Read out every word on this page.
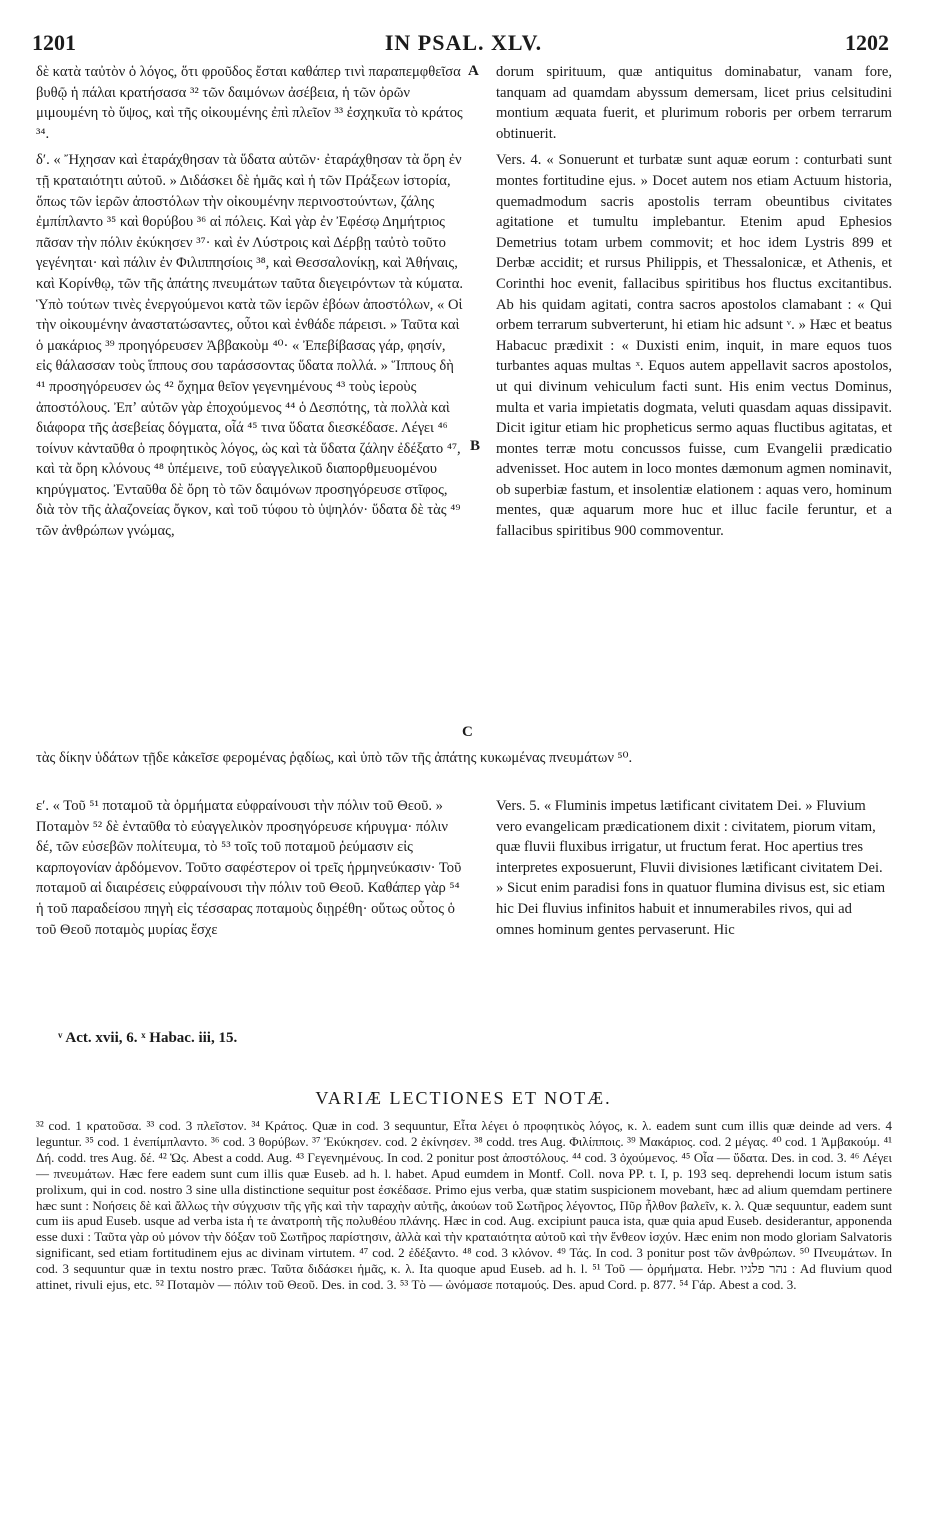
1201	IN PSAL. XLV.	1202

δὲ κατὰ ταὐτὸν ὁ λόγος, ὅτι φροῦδος ἔσται καθάπερ τινὶ παραπεμφθεῖσα βυθῷ ἡ πάλαι κρατήσασα ³² τῶν δαιμόνων ἀσέβεια, ἡ τῶν ὀρῶν μιμουμένη τὸ ὕψος, καὶ τῆς οἰκουμένης ἐπὶ πλεῖον ³³ ἐσχηκυῖα τὸ κράτος ³⁴.

δʹ. « Ἤχησαν καὶ ἐταράχθησαν τὰ ὕδατα αὐτῶν· ἐταράχθησαν τὰ ὄρη ἐν τῇ κραταιότητι αὐτοῦ. » Διδάσκει δὲ ἡμᾶς καὶ ἡ τῶν Πράξεων ἱστορία, ὅπως τῶν ἱερῶν ἀποστόλων τὴν οἰκουμένην περινοστούντων, ζάλης ἐμπίπλαντο ³⁵ καὶ θορύβου ³⁶ αἱ πόλεις. Καὶ γὰρ ἐν Ἐφέσῳ Δημήτριος πᾶσαν τὴν πόλιν ἐκύκησεν ³⁷· καὶ ἐν Λύστροις καὶ Δέρβῃ ταὐτὸ τοῦτο γεγένηται· καὶ πάλιν ἐν Φιλιππησίοις ³⁸, καὶ Θεσσαλονίκῃ, καὶ Ἀθήναις, καὶ Κορίνθῳ, τῶν τῆς ἀπάτης πνευμάτων ταῦτα διεγειρόντων τὰ κύματα. Ὑπὸ τούτων τινὲς ἐνεργούμενοι κατὰ τῶν ἱερῶν ἐβόων ἀποστόλων, « Οἱ τὴν οἰκουμένην ἀναστατώσαντες, οὗτοι καὶ ἐνθάδε πάρεισι. » Ταῦτα καὶ ὁ μακάριος ³⁹ προηγόρευσεν Ἀββακοὺμ ⁴⁰· « Ἐπεβίβασας γάρ, φησίν, εἰς θάλασσαν τοὺς ἵππους σου ταράσσοντας ὕδατα πολλά. » Ἵππους δὴ ⁴¹ προσηγόρευσεν ὡς ⁴² ὄχημα θεῖον γεγενημένους ⁴³ τοὺς ἱεροὺς ἀποστόλους. Ἐπʼ αὐτῶν γὰρ ἐποχούμενος ⁴⁴ ὁ Δεσπότης, τὰ πολλὰ καὶ διάφορα τῆς ἀσεβείας δόγματα, οἷά ⁴⁵ τινα ὕδατα διεσκέδασε. Λέγει ⁴⁶ τοίνυν κἀνταῦθα ὁ προφητικὸς λόγος, ὡς καὶ τὰ ὕδατα ζάλην ἐδέξατο ⁴⁷, καὶ τὰ ὄρη κλόνους ⁴⁸ ὑπέμεινε, τοῦ εὐαγγελικοῦ διαπορθμευομένου κηρύγματος. Ἐνταῦθα δὲ ὄρη τὸ τῶν δαιμόνων προσηγόρευσε στῖφος, διὰ τὸν τῆς ἀλαζονείας ὄγκον, καὶ τοῦ τύφου τὸ ὑψηλόν· ὕδατα δὲ τὰς ⁴⁹ τῶν ἀνθρώπων γνώμας,

A
B
C

dorum spirituum, quæ antiquitus dominabatur, vanam fore, tanquam ad quamdam abyssum demersam, licet prius celsitudini montium æquata fuerit, et plurimum roboris per orbem terrarum obtinuerit.

Vers. 4. « Sonuerunt et turbatæ sunt aquæ eorum : conturbati sunt montes fortitudine ejus. » Docet autem nos etiam Actuum historia, quemadmodum sacris apostolis terram obeuntibus civitates agitatione et tumultu implebantur. Etenim apud Ephesios Demetrius totam urbem commovit; et hoc idem Lystris 899 et Derbæ accidit; et rursus Philippis, et Thessalonicæ, et Athenis, et Corinthi hoc evenit, fallacibus spiritibus hos fluctus excitantibus. Ab his quidam agitati, contra sacros apostolos clamabant : « Qui orbem terrarum subverterunt, hi etiam hic adsunt ᵛ. » Hæc et beatus Habacuc prædixit : « Duxisti enim, inquit, in mare equos tuos turbantes aquas multas ˣ. Equos autem appellavit sacros apostolos, ut qui divinum vehiculum facti sunt. His enim vectus Dominus, multa et varia impietatis dogmata, veluti quasdam aquas dissipavit. Dicit igitur etiam hic propheticus sermo aquas fluctibus agitatas, et montes terræ motu concussos fuisse, cum Evangelii prædicatio advenisset. Hoc autem in loco montes dæmonum agmen nominavit, ob superbiæ fastum, et insolentiæ elationem : aquas vero, hominum mentes, quæ aquarum more huc et illuc facile feruntur, et a fallacibus spiritibus 900 commoventur.

τὰς δίκην ὑδάτων τῇδε κἀκεῖσε φερομένας ῥᾳδίως, καὶ ὑπὸ τῶν τῆς ἀπάτης κυκωμένας πνευμάτων ⁵⁰.

εʹ. « Τοῦ ⁵¹ ποταμοῦ τὰ ὁρμήματα εὐφραίνουσι τὴν πόλιν τοῦ Θεοῦ. » Ποταμὸν ⁵² δὲ ἐνταῦθα τὸ εὐαγγελικὸν προσηγόρευσε κήρυγμα· πόλιν δέ, τῶν εὐσεβῶν πολίτευμα, τὸ ⁵³ τοῖς τοῦ ποταμοῦ ῥεύμασιν εἰς καρπογονίαν ἀρδόμενον. Τοῦτο σαφέστερον οἱ τρεῖς ἡρμηνεύκασιν· Τοῦ ποταμοῦ αἱ διαιρέσεις εὐφραίνουσι τὴν πόλιν τοῦ Θεοῦ. Καθάπερ γὰρ ⁵⁴ ἡ τοῦ παραδείσου πηγὴ εἰς τέσσαρας ποταμοὺς διῃρέθη· οὕτως οὗτος ὁ τοῦ Θεοῦ ποταμὸς μυρίας ἔσχε

Vers. 5. « Fluminis impetus lætificant civitatem Dei. » Fluvium vero evangelicam prædicationem dixit : civitatem, piorum vitam, quæ fluvii fluxibus irrigatur, ut fructum ferat. Hoc apertius tres interpretes exposuerunt, Fluvii divisiones lætificant civitatem Dei. » Sicut enim paradisi fons in quatuor flumina divisus est, sic etiam hic Dei fluvius infinitos habuit et innumerabiles rivos, qui ad omnes hominum gentes pervaserunt. Hic

ᵛ Act. xvii, 6. ˣ Habac. iii, 15.
VARIÆ LECTIONES ET NOTÆ.

³² cod. 1 κρατοῦσα. ³³ cod. 3 πλεῖστον. ³⁴ Κράτος. Quæ in cod. 3 sequuntur, Εἶτα λέγει ὁ προφητικὸς λόγος, κ. λ. eadem sunt cum illis quæ deinde ad vers. 4 leguntur. ³⁵ cod. 1 ἐνεπίμπλαντο. ³⁶ cod. 3 θορύβων. ³⁷ Ἐκύκησεν. cod. 2 ἐκίνησεν. ³⁸ codd. tres Aug. Φιλίπποις. ³⁹ Μακάριος. cod. 2 μέγας. ⁴⁰ cod. 1 Ἀμβακούμ. ⁴¹ Δή. codd. tres Aug. δέ. ⁴² Ὡς. Abest a codd. Aug. ⁴³ Γεγενημένους. In cod. 2 ponitur post ἀποστόλους. ⁴⁴ cod. 3 ὀχούμενος. ⁴⁵ Οἷα — ὕδατα. Des. in cod. 3. ⁴⁶ Λέγει — πνευμάτων. Hæc fere eadem sunt cum illis quæ Euseb. ad h. l. habet. Apud eumdem in Montf. Coll. nova PP. t. I, p. 193 seq. deprehendi locum istum satis prolixum, qui in cod. nostro 3 sine ulla distinctione sequitur post ἐσκέδασε. Primo ejus verba, quæ statim suspicionem movebant, hæc ad alium quemdam pertinere hæc sunt : Νοήσεις δὲ καὶ ἄλλως τὴν σύγχυσιν τῆς γῆς καὶ τὴν ταραχὴν αὐτῆς, ἀκούων τοῦ Σωτῆρος λέγοντος, Πῦρ ἦλθον βαλεῖν, κ. λ. Quæ sequuntur, eadem sunt cum iis apud Euseb. usque ad verba ista ἡ τε ἀνατροπὴ τῆς πολυθέου πλάνης. Hæc in cod. Aug. excipiunt pauca ista, quæ quia apud Euseb. desiderantur, apponenda esse duxi : Ταῦτα γὰρ οὐ μόνον τὴν δόξαν τοῦ Σωτῆρος παρίστησιν, ἀλλὰ καὶ τὴν κραταιότητα αὐτοῦ καὶ τὴν ἔνθεον ἰσχύν. Hæc enim non modo gloriam Salvatoris significant, sed etiam fortitudinem ejus ac divinam virtutem. ⁴⁷ cod. 2 ἐδέξαντο. ⁴⁸ cod. 3 κλόνον. ⁴⁹ Τάς. In cod. 3 ponitur post τῶν ἀνθρώπων. ⁵⁰ Πνευμάτων. In cod. 3 sequuntur quæ in textu nostro præc. Ταῦτα διδάσκει ἡμᾶς, κ. λ. Ita quoque apud Euseb. ad h. l. ⁵¹ Τοῦ — ὁρμήματα. Hebr. נהר פלגיו : Ad fluvium quod attinet, rivuli ejus, etc. ⁵² Ποταμὸν — πόλιν τοῦ Θεοῦ. Des. in cod. 3. ⁵³ Τὸ — ὠνόμασε ποταμούς. Des. apud Cord. p. 877. ⁵⁴ Γάρ. Abest a cod. 3.
